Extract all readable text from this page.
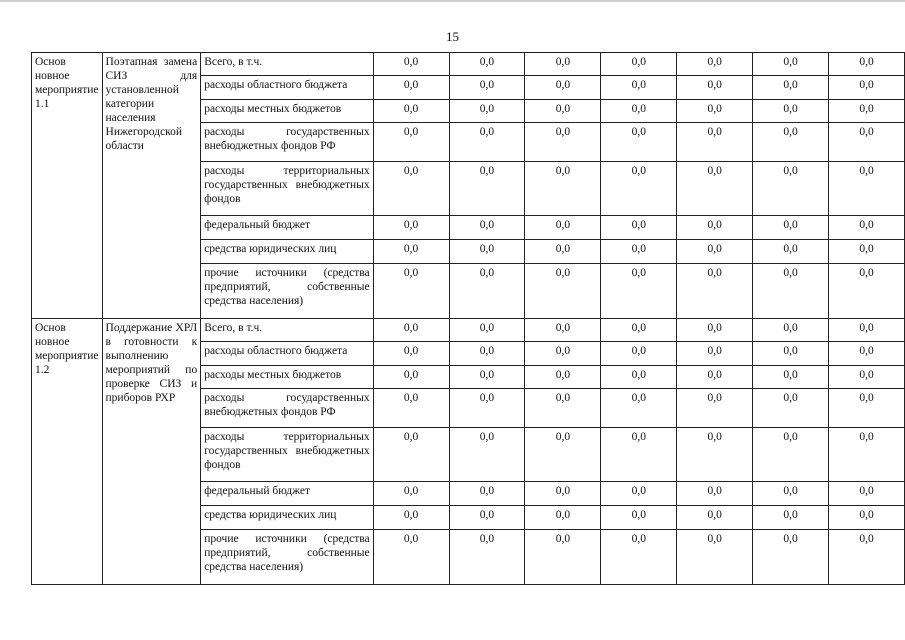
15
Основ новное мероприятие 1.1	Поэтапная замена СИЗ для установленной категории населения Нижегородской области	Всего, в т.ч.	0,0	0,0	0,0	0,0	0,0	0,0	0,0
		расходы областного бюджета	0,0	0,0	0,0	0,0	0,0	0,0	0,0
		расходы местных бюджетов	0,0	0,0	0,0	0,0	0,0	0,0	0,0
		расходы государственных внебюджетных фондов РФ	0,0	0,0	0,0	0,0	0,0	0,0	0,0
		расходы территориальных государственных внебюджетных фондов	0,0	0,0	0,0	0,0	0,0	0,0	0,0
		федеральный бюджет	0,0	0,0	0,0	0,0	0,0	0,0	0,0
		средства юридических лиц	0,0	0,0	0,0	0,0	0,0	0,0	0,0
		прочие источники (средства предприятий, собственные средства населения)	0,0	0,0	0,0	0,0	0,0	0,0	0,0
Основ новное мероприятие 1.2	Поддержание ХРЛ в готовности к выполнению мероприятий по проверке СИЗ и приборов РХР	Всего, в т.ч.	0,0	0,0	0,0	0,0	0,0	0,0	0,0
		расходы областного бюджета	0,0	0,0	0,0	0,0	0,0	0,0	0,0
		расходы местных бюджетов	0,0	0,0	0,0	0,0	0,0	0,0	0,0
		расходы государственных внебюджетных фондов РФ	0,0	0,0	0,0	0,0	0,0	0,0	0,0
		расходы территориальных государственных внебюджетных фондов	0,0	0,0	0,0	0,0	0,0	0,0	0,0
		федеральный бюджет	0,0	0,0	0,0	0,0	0,0	0,0	0,0
		средства юридических лиц	0,0	0,0	0,0	0,0	0,0	0,0	0,0
		прочие источники (средства предприятий, собственные средства населения)	0,0	0,0	0,0	0,0	0,0	0,0	0,0
